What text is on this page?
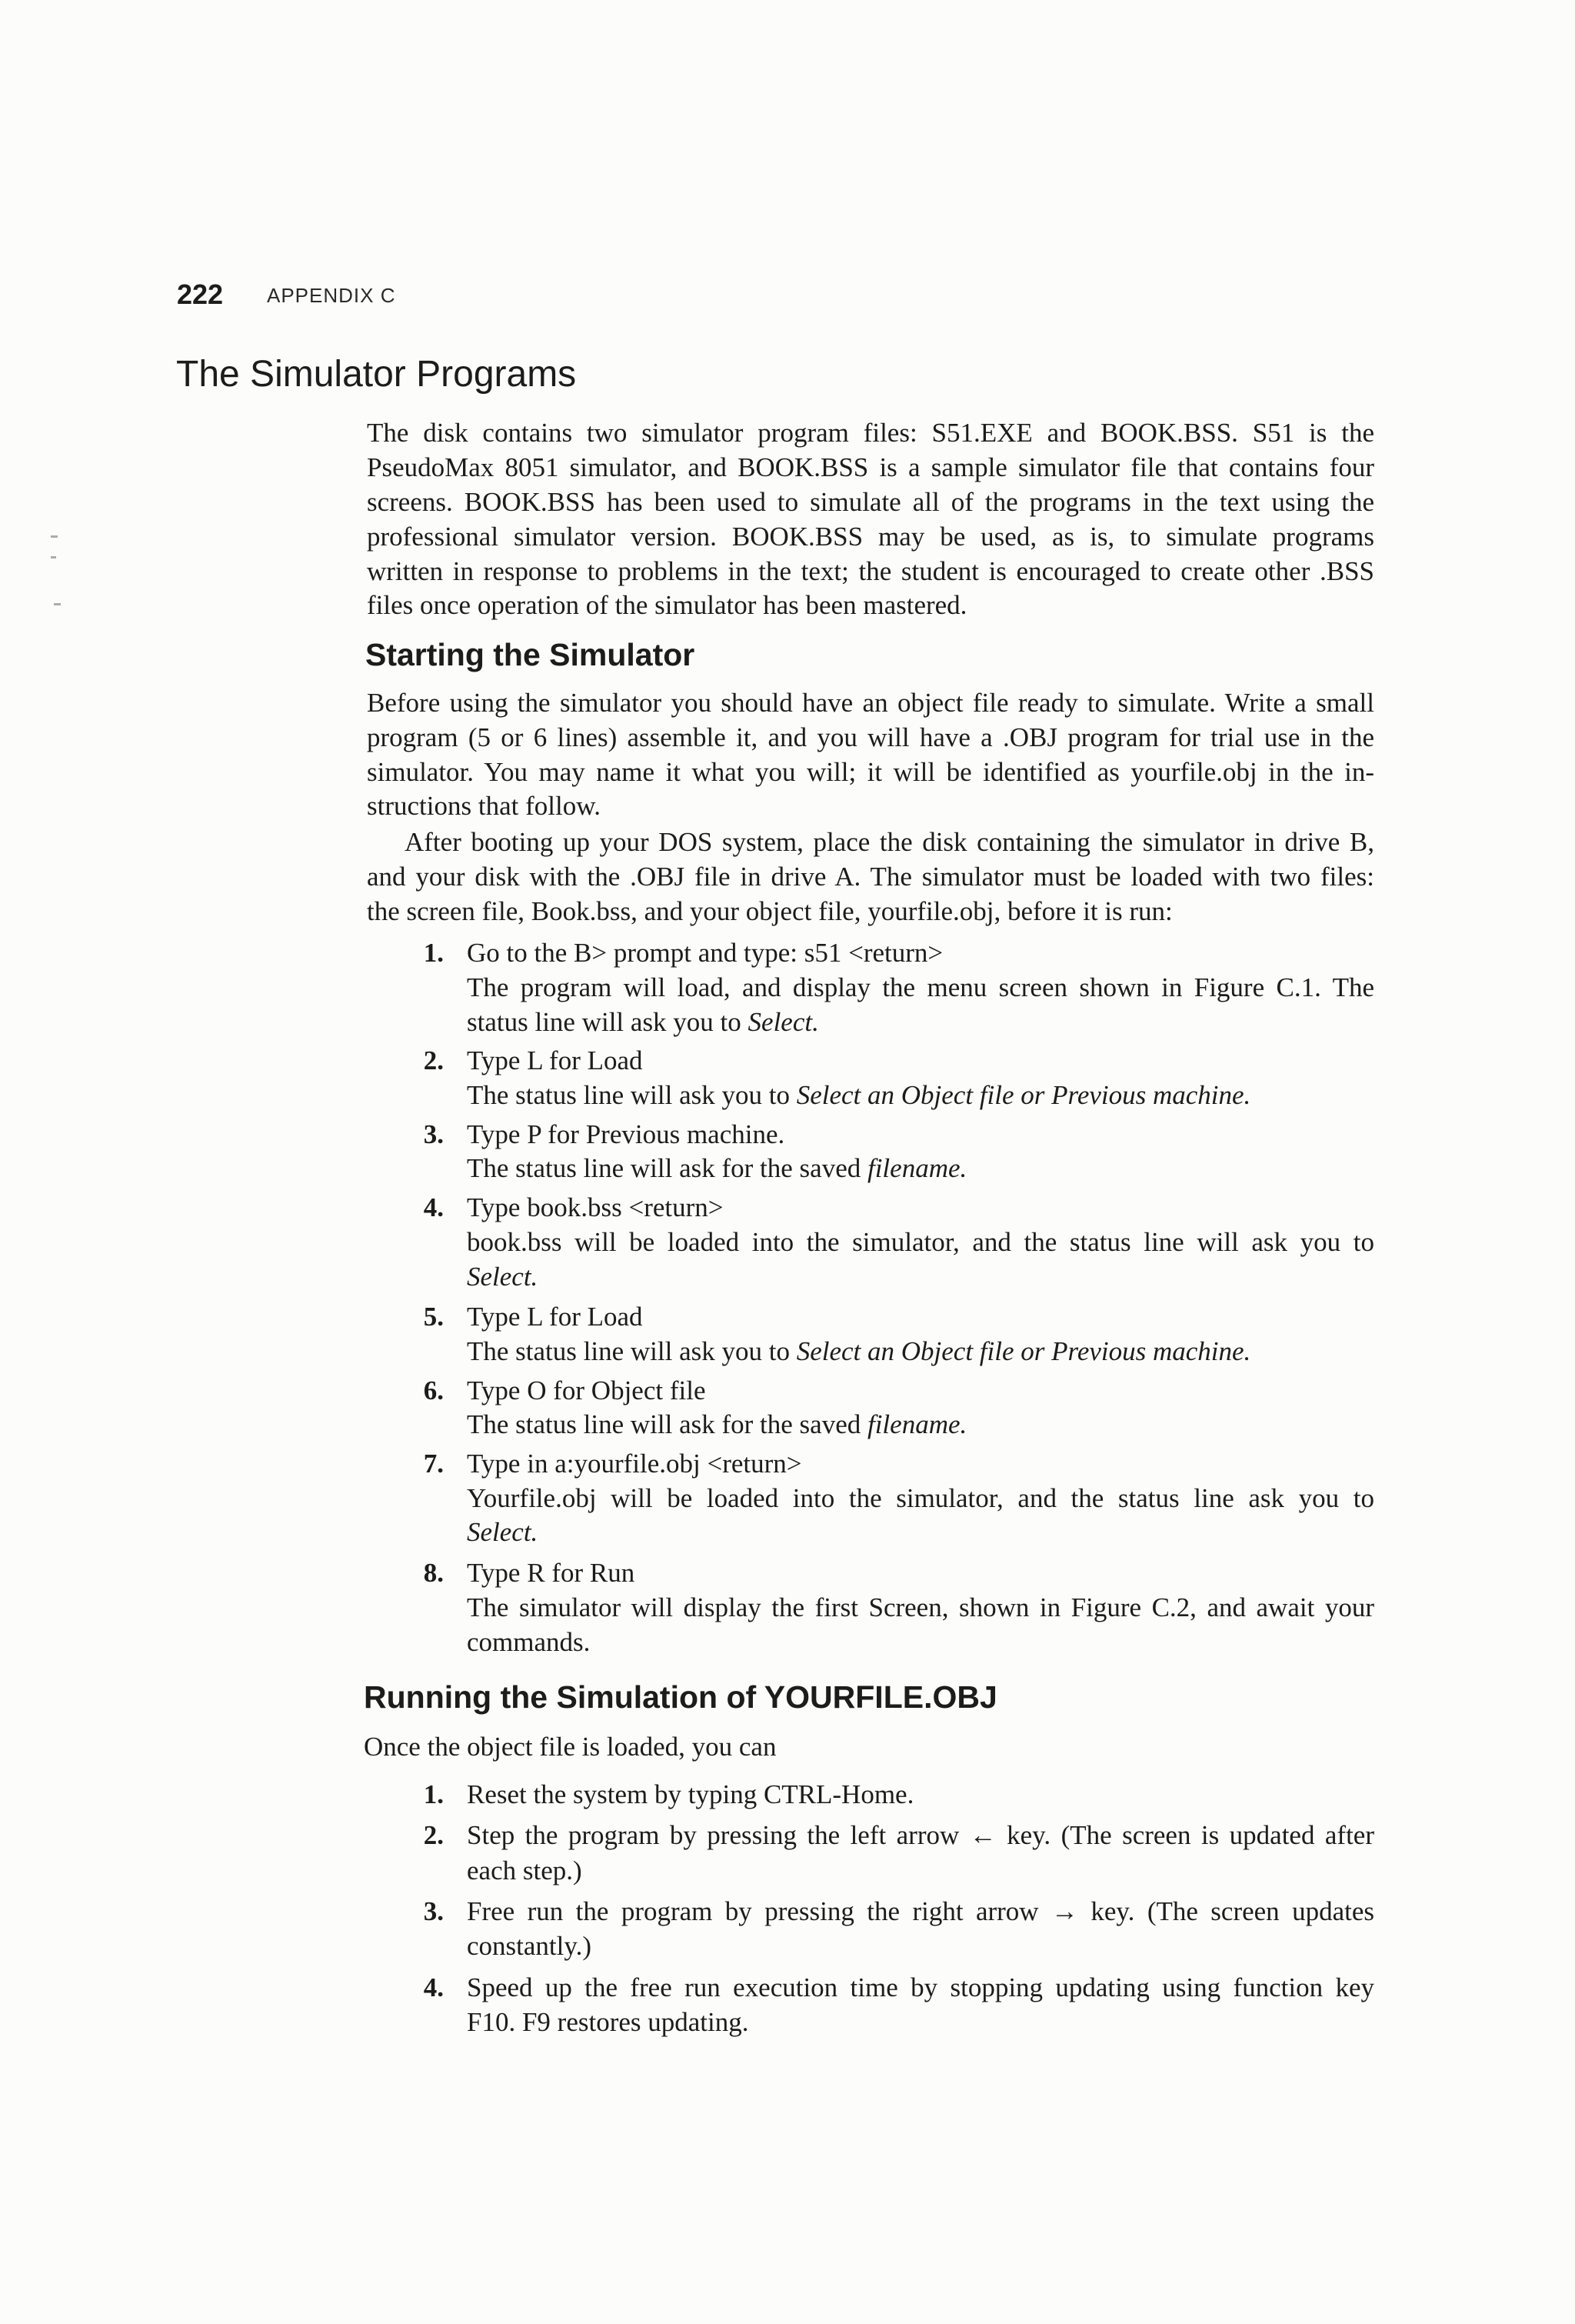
222 APPENDIX C
The Simulator Programs
The disk contains two simulator program files: S51.EXE and BOOK.BSS. S51 is the
PseudoMax 8051 simulator, and BOOK.BSS is a sample simulator file that contains four
screens. BOOK.BSS has been used to simulate all of the programs in the text using the
professional simulator version. BOOK.BSS may be used, as is, to simulate programs
written in response to problems in the text; the student is encouraged to create other .BSS
files once operation of the simulator has been mastered.
Starting the Simulator
Before using the simulator you should have an object file ready to simulate. Write a small
program (5 or 6 lines) assemble it, and you will have a .OBJ program for trial use in the
simulator. You may name it what you will; it will be identified as yourfile.obj in the in-
structions that follow.
After booting up your DOS system, place the disk containing the simulator in drive B,
and your disk with the .OBJ file in drive A. The simulator must be loaded with two files:
the screen file, Book.bss, and your object file, yourfile.obj, before it is run:
1. Go to the B> prompt and type: s51 <return>
The program will load, and display the menu screen shown in Figure C.1. The
status line will ask you to Select.
2. Type L for Load
The status line will ask you to Select an Object file or Previous machine.
3. Type P for Previous machine.
The status line will ask for the saved filename.
4. Type book.bss <return>
book.bss will be loaded into the simulator, and the status line will ask you to
Select.
5. Type L for Load
The status line will ask you to Select an Object file or Previous machine.
6. Type O for Object file
The status line will ask for the saved filename.
7. Type in a:yourfile.obj <return>
Yourfile.obj will be loaded into the simulator, and the status line ask you to
Select.
8. Type R for Run
The simulator will display the first Screen, shown in Figure C.2, and await your
commands.
Running the Simulation of YOURFILE.OBJ
Once the object file is loaded, you can
1. Reset the system by typing CTRL-Home.
2. Step the program by pressing the left arrow ← key. (The screen is updated after
each step.)
3. Free run the program by pressing the right arrow → key. (The screen updates
constantly.)
4. Speed up the free run execution time by stopping updating using function key
F10. F9 restores updating.
